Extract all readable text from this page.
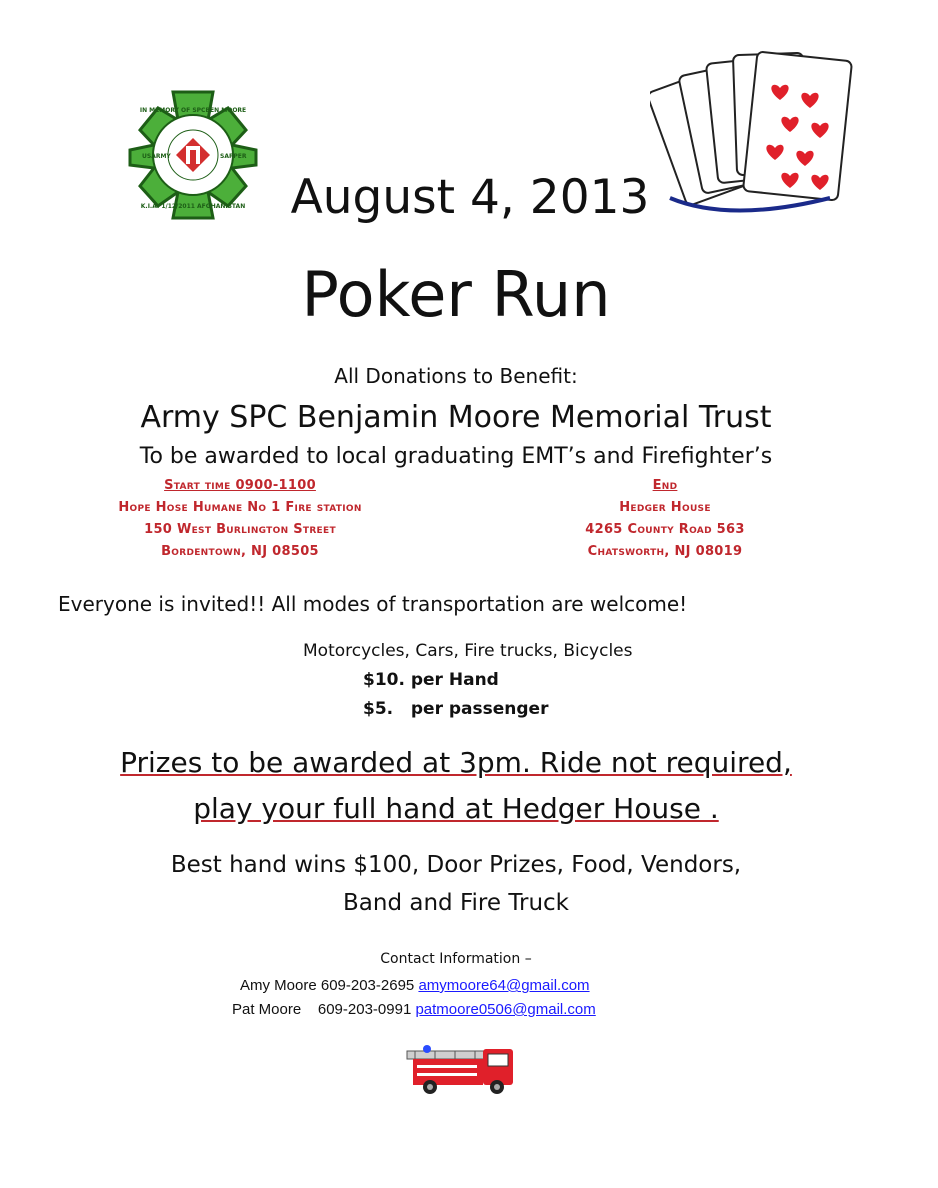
IN MEMORY OF SPCBEN MOORE
K.I.A. 1/12/2011 AFGHANISTAN
USARMY	SAPPER
August 4, 2013
Poker Run
All Donations to Benefit:
Army SPC Benjamin Moore Memorial Trust
To be awarded to local graduating EMT’s and Firefighter’s
Start time 0900-1100
Hope Hose Humane No 1 Fire station
150 West Burlington Street
Bordentown, NJ 08505
End
Hedger House
4265 County Road 563
Chatsworth, NJ 08019
Everyone is invited!! All modes of transportation are welcome!
Motorcycles, Cars, Fire trucks, Bicycles
$10. per Hand
$5.   per passenger
Prizes to be awarded at 3pm. Ride not required,
play your full hand at Hedger House .
Best hand wins $100, Door Prizes, Food, Vendors,
Band and Fire Truck
Contact Information –
Amy Moore 609-203-2695 amymoore64@gmail.com
Pat Moore    609-203-0991 patmoore0506@gmail.com
